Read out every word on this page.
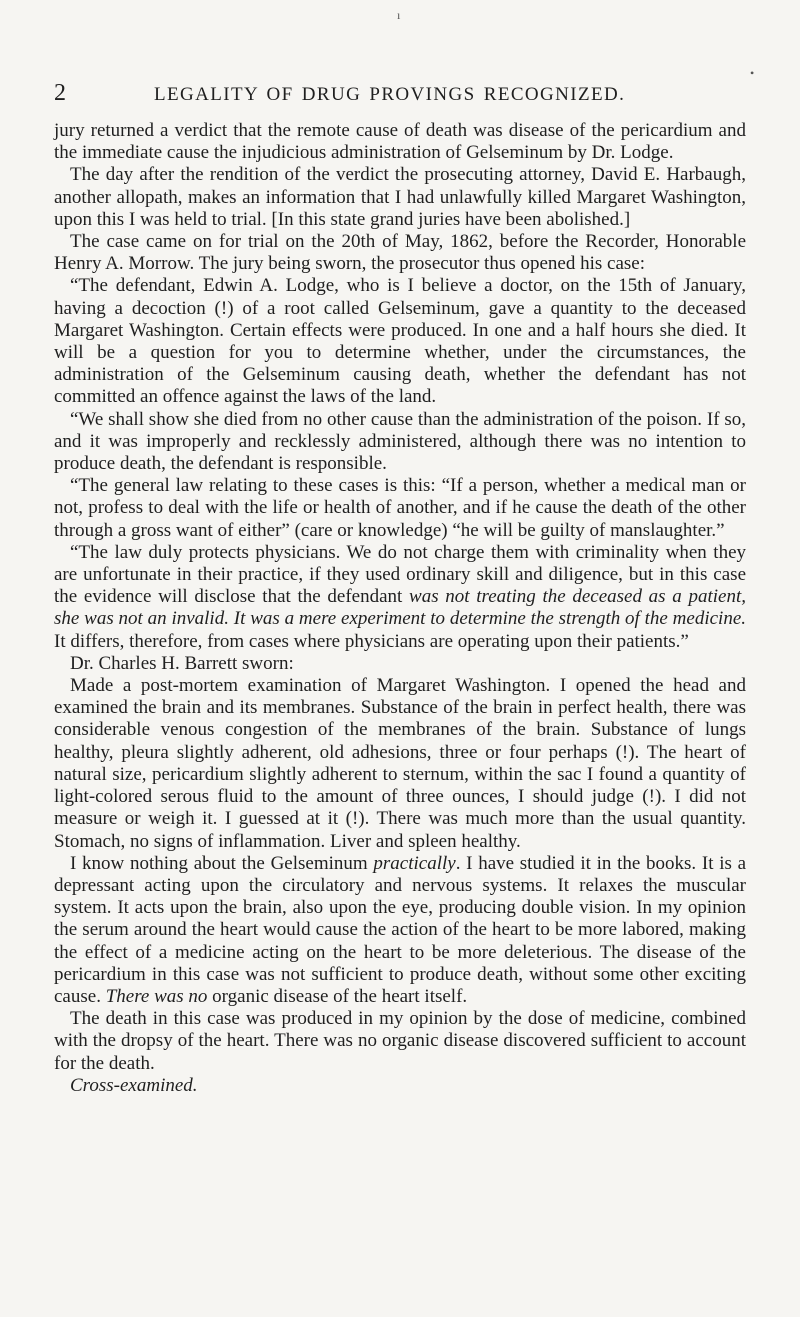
ı
•
2	LEGALITY OF DRUG PROVINGS RECOGNIZED.

jury returned a verdict that the remote cause of death was disease of the pericardium and the immediate cause the injudicious administration of Gelseminum by Dr. Lodge.

The day after the rendition of the verdict the prosecuting attorney, David E. Harbaugh, another allopath, makes an information that I had unlawfully killed Margaret Washington, upon this I was held to trial. [In this state grand juries have been abolished.]

The case came on for trial on the 20th of May, 1862, before the Recorder, Honorable Henry A. Morrow. The jury being sworn, the prosecutor thus opened his case:

“The defendant, Edwin A. Lodge, who is I believe a doctor, on the 15th of January, having a decoction (!) of a root called Gelseminum, gave a quantity to the deceased Margaret Washington. Certain effects were produced. In one and a half hours she died. It will be a question for you to determine whether, under the circumstances, the administration of the Gelseminum causing death, whether the defendant has not committed an offence against the laws of the land.

“We shall show she died from no other cause than the administration of the poison. If so, and it was improperly and recklessly administered, although there was no intention to produce death, the defendant is responsible.

“The general law relating to these cases is this: “If a person, whether a medical man or not, profess to deal with the life or health of another, and if he cause the death of the other through a gross want of either” (care or knowledge) “he will be guilty of manslaughter.”

“The law duly protects physicians. We do not charge them with criminality when they are unfortunate in their practice, if they used ordinary skill and diligence, but in this case the evidence will disclose that the defendant was not treating the deceased as a patient, she was not an invalid. It was a mere experiment to determine the strength of the medicine. It differs, therefore, from cases where physicians are operating upon their patients.”

Dr. Charles H. Barrett sworn:

Made a post-mortem examination of Margaret Washington. I opened the head and examined the brain and its membranes. Substance of the brain in perfect health, there was considerable venous congestion of the membranes of the brain. Substance of lungs healthy, pleura slightly adherent, old adhesions, three or four perhaps (!). The heart of natural size, pericardium slightly adherent to sternum, within the sac I found a quantity of light-colored serous fluid to the amount of three ounces, I should judge (!). I did not measure or weigh it. I guessed at it (!). There was much more than the usual quantity. Stomach, no signs of inflammation. Liver and spleen healthy.

I know nothing about the Gelseminum practically. I have studied it in the books. It is a depressant acting upon the circulatory and nervous systems. It relaxes the muscular system. It acts upon the brain, also upon the eye, producing double vision. In my opinion the serum around the heart would cause the action of the heart to be more labored, making the effect of a medicine acting on the heart to be more deleterious. The disease of the pericardium in this case was not sufficient to produce death, without some other exciting cause. There was no organic disease of the heart itself.

The death in this case was produced in my opinion by the dose of medicine, combined with the dropsy of the heart. There was no organic disease discovered sufficient to account for the death.

Cross-examined.
